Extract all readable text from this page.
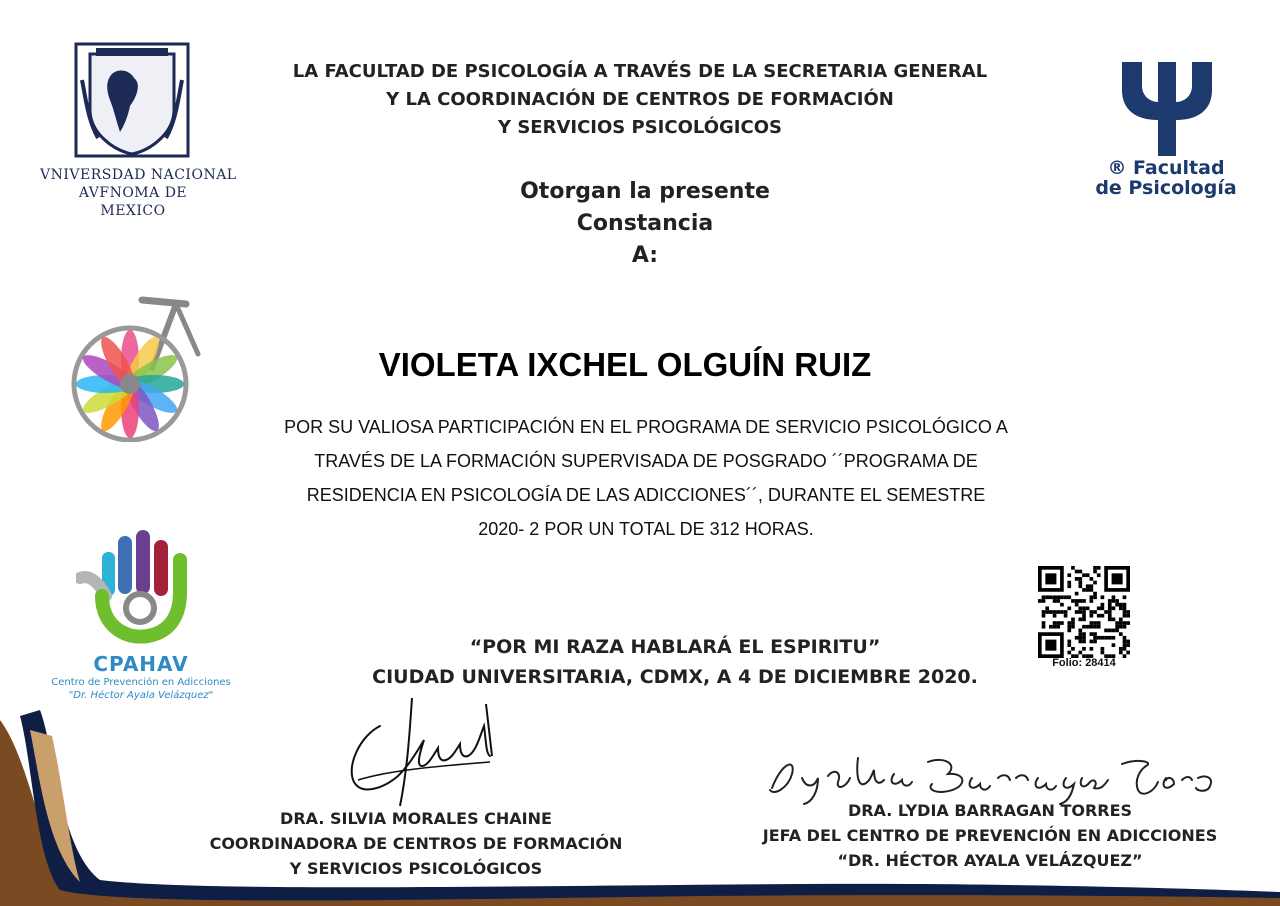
VNIVERSDAD NACIONAL
AVFNOMA DE
MEXICO
® Facultad
de Psicología
LA FACULTAD DE PSICOLOGÍA A TRAVÉS DE LA SECRETARIA GENERAL
Y LA COORDINACIÓN DE CENTROS DE FORMACIÓN
Y SERVICIOS PSICOLÓGICOS
Otorgan la presente
Constancia
A:
CPAHAV
Centro de Prevención en Adicciones
"Dr. Héctor Ayala Velázquez"
VIOLETA IXCHEL OLGUÍN RUIZ
POR SU VALIOSA PARTICIPACIÓN EN EL PROGRAMA DE SERVICIO PSICOLÓGICO A
TRAVÉS DE LA FORMACIÓN SUPERVISADA DE POSGRADO ´´PROGRAMA DE
RESIDENCIA EN PSICOLOGÍA DE LAS ADICCIONES´´, DURANTE EL SEMESTRE
2020- 2 POR UN TOTAL DE 312 HORAS.
Folio: 28414
“POR MI RAZA HABLARÁ EL ESPIRITU”
CIUDAD UNIVERSITARIA, CDMX, A 4 DE DICIEMBRE 2020.
DRA. SILVIA MORALES CHAINE
COORDINADORA DE CENTROS DE FORMACIÓN
Y SERVICIOS PSICOLÓGICOS
DRA. LYDIA BARRAGAN TORRES
JEFA DEL CENTRO DE PREVENCIÓN EN ADICCIONES
“DR. HÉCTOR AYALA VELÁZQUEZ”
